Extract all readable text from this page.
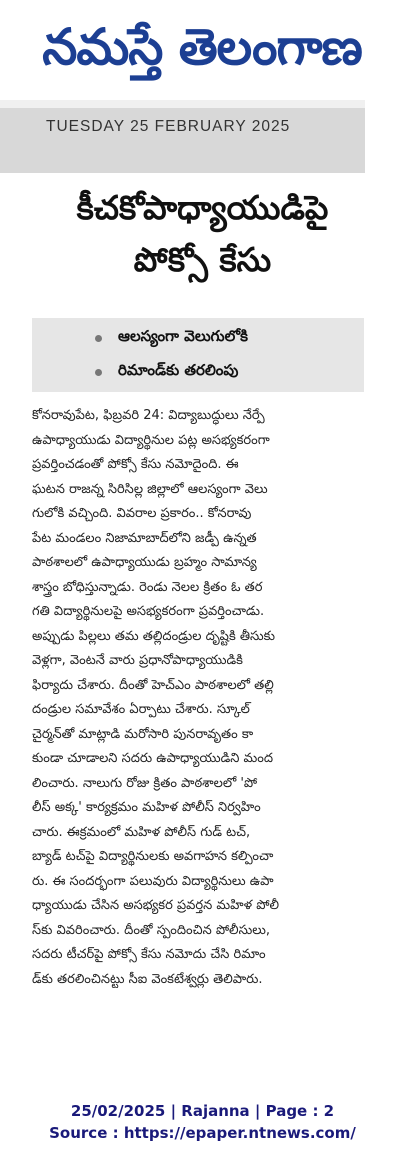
నమస్తే తెలంగాణ
TUESDAY 25 FEBRUARY 2025
కీచకోపాధ్యాయుడిపై
పోక్సో కేసు
ఆలస్యంగా వెలుగులోకి
రిమాండ్‌కు తరలింపు
కోనరావుపేట, ఫిబ్రవరి 24: విద్యాబుద్ధులు నేర్పే
ఉపాధ్యాయుడు విద్యార్థినుల పట్ల అసభ్యకరంగా
ప్రవర్తించడంతో పోక్సో కేసు నమోదైంది. ఈ
ఘటన రాజన్న సిరిసిల్ల జిల్లాలో ఆలస్యంగా వెలు
గులోకి వచ్చింది. వివరాల ప్రకారం.. కోనరావు
పేట మండలం నిజామాబాద్‌లోని జడ్పీ ఉన్నత
పాఠశాలలో ఉపాధ్యాయుడు బ్రహ్మం సామాన్య
శాస్త్రం బోధిస్తున్నాడు. రెండు నెలల క్రితం ఓ తర
గతి విద్యార్థినులపై అసభ్యకరంగా ప్రవర్తించాడు.
అప్పుడు పిల్లలు తమ తల్లిదండ్రుల దృష్టికి తీసుకు
వెళ్లగా, వెంటనే వారు ప్రధానోపాధ్యాయుడికి
ఫిర్యాదు చేశారు. దీంతో హెచ్ఎం పాఠశాలలో తల్లి
దండ్రుల సమావేశం ఏర్పాటు చేశారు. స్కూల్
చైర్మన్‌తో మాట్లాడి మరోసారి పునరావృతం కా
కుండా చూడాలని సదరు ఉపాధ్యాయుడిని మంద
లించారు. నాలుగు రోజు క్రితం పాఠశాలలో 'పో
లీస్ అక్క' కార్యక్రమం మహిళ పోలీస్ నిర్వహిం
చారు. ఈక్రమంలో మహిళ పోలీస్ గుడ్ టచ్,
బ్యాడ్ టచ్‌పై విద్యార్థినులకు అవగాహన కల్పించా
రు. ఈ సందర్భంగా పలువురు విద్యార్థినులు ఉపా
ధ్యాయుడు చేసిన అసభ్యకర ప్రవర్తన మహిళ పోలీ
స్‌కు వివరించారు. దీంతో స్పందించిన పోలీసులు,
సదరు టీచర్‌పై పోక్సో కేసు నమోదు చేసి రిమాం
డ్‌కు తరలించినట్టు సీఐ వెంకటేశ్వర్లు తెలిపారు.
25/02/2025 | Rajanna | Page : 2
Source : https://epaper.ntnews.com/
